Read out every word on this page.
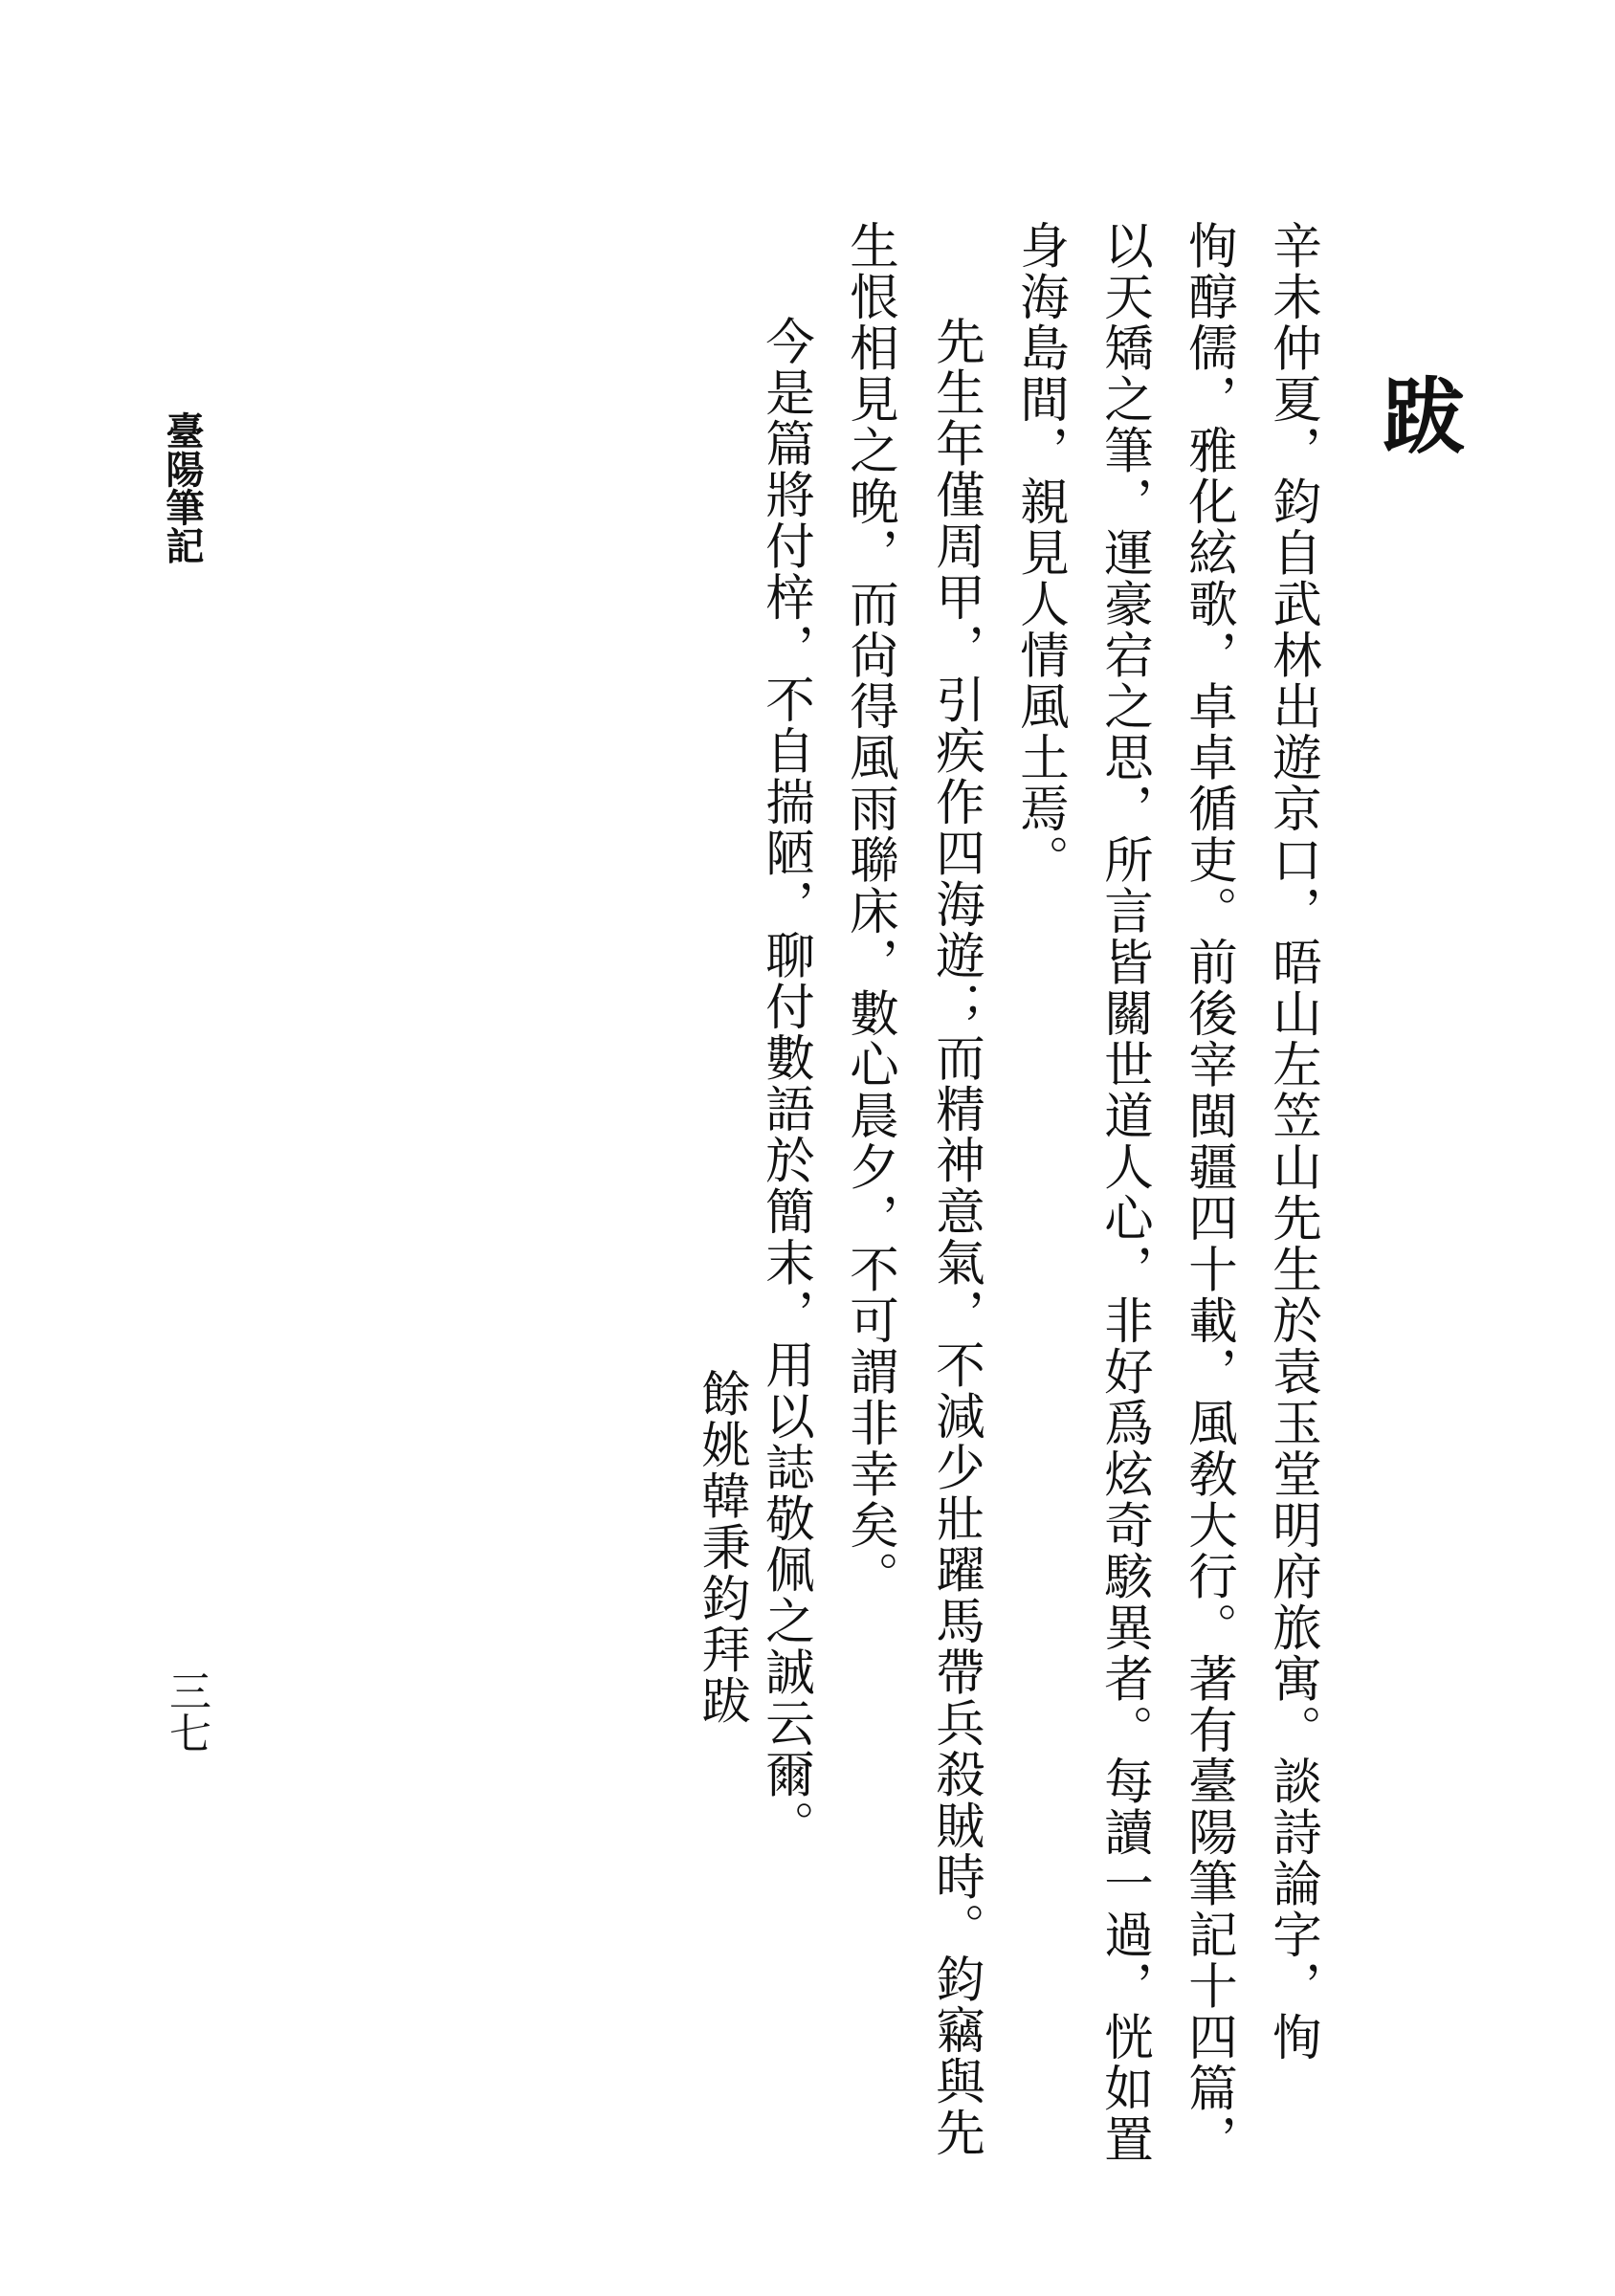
臺陽筆記
三七
跋
辛未仲夏，鈞自武林出遊京口，晤山左笠山先生於袁玉堂明府旅寓。談詩論字，恂
恂醇儒，雅化絃歌，卓卓循吏。前後宰閩疆四十載，風敎大行。著有臺陽筆記十四篇，
以天矯之筆，運豪宕之思，所言皆關世道人心，非好爲炫奇駭異者。每讀一過，恍如置
身海島間，親見人情風土焉。
先生年僅周甲，引疾作四海遊；而精神意氣，不減少壯躍馬帶兵殺賊時。鈞竊與先
生恨相見之晚，而尙得風雨聯床，數心晨夕，不可謂非幸矣。
今是篇將付梓，不自揣陋，聊付數語於簡末，用以誌敬佩之誠云爾。
餘姚韓秉鈞拜跋
